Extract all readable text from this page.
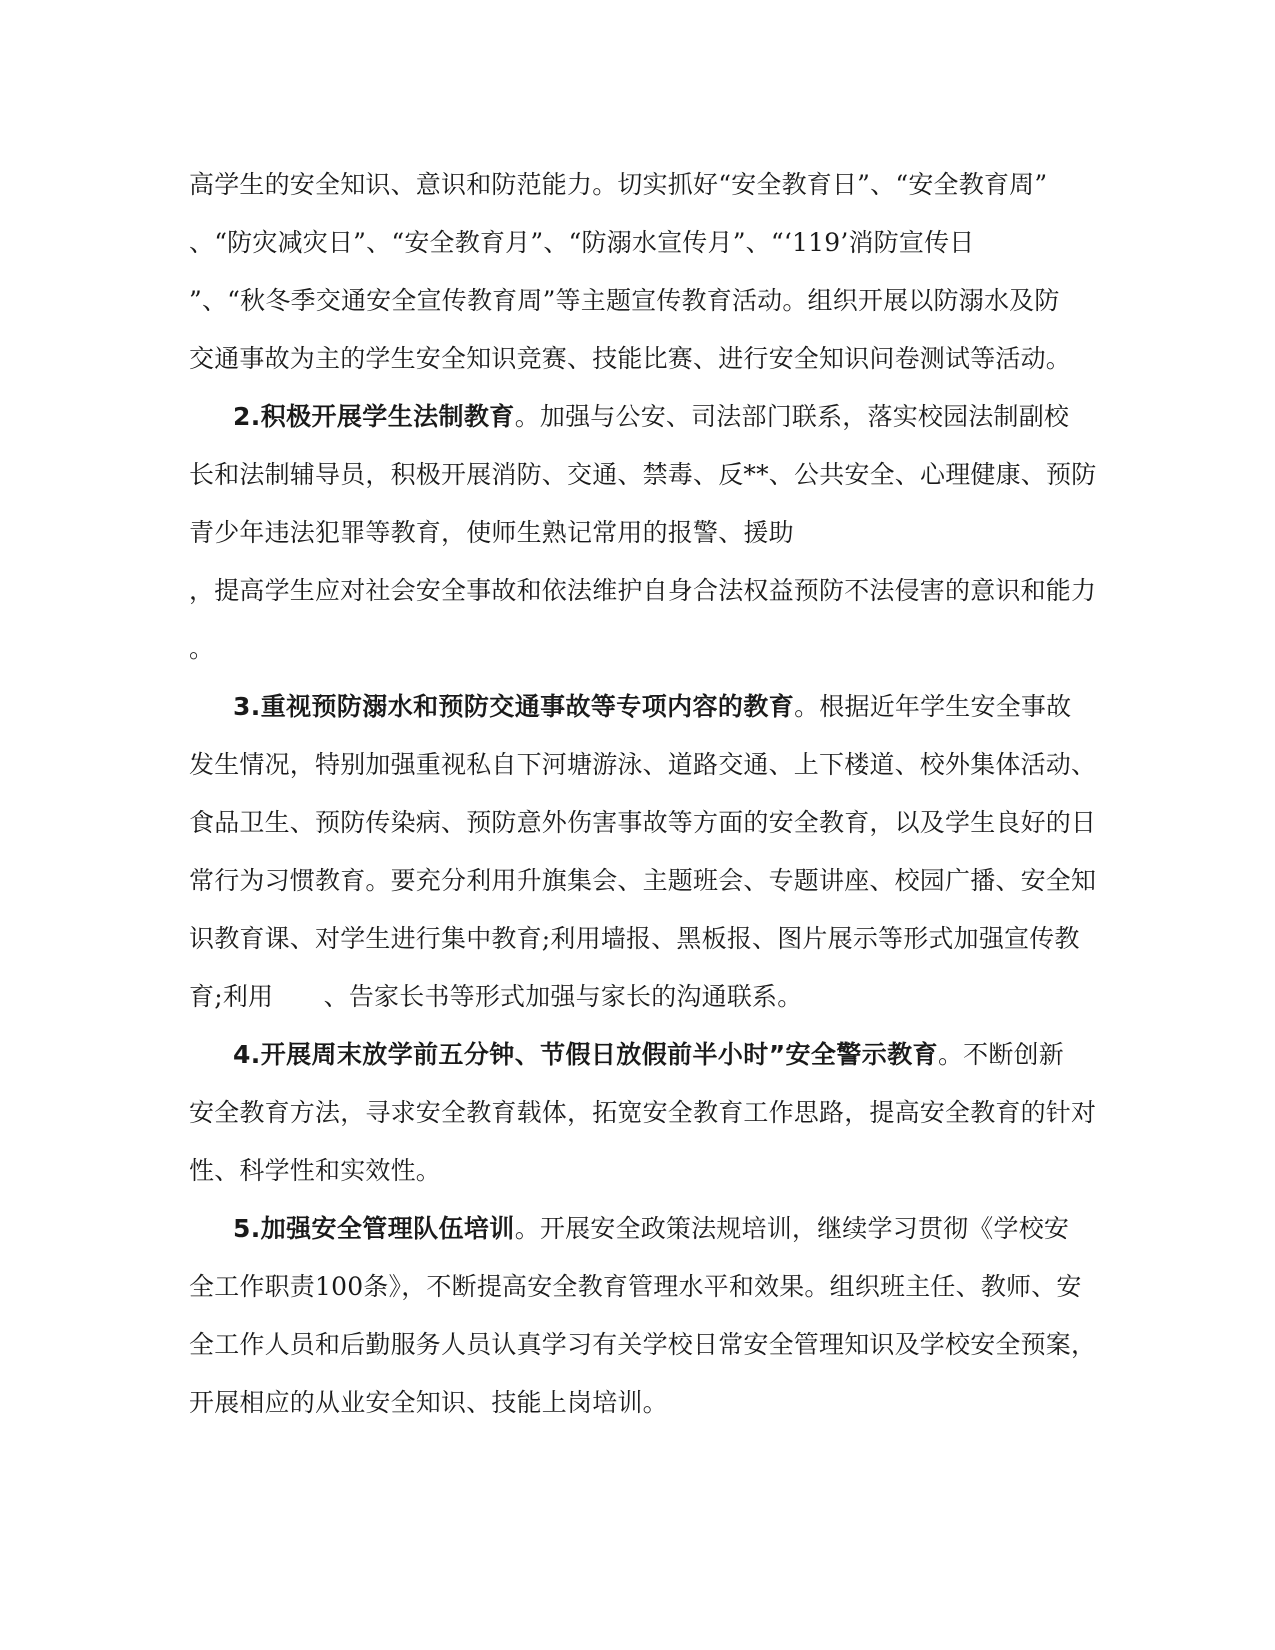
高学生的安全知识、意识和防范能力。切实抓好“安全教育日”、“安全教育周”
、“防灾减灾日”、“安全教育月”、“防溺水宣传月”、“‘119’消防宣传日
”、“秋冬季交通安全宣传教育周”等主题宣传教育活动。组织开展以防溺水及防
交通事故为主的学生安全知识竞赛、技能比赛、进行安全知识问卷测试等活动。
2.积极开展学生法制教育。加强与公安、司法部门联系，落实校园法制副校
长和法制辅导员，积极开展消防、交通、禁毒、反**、公共安全、心理健康、预防
青少年违法犯罪等教育，使师生熟记常用的报警、援助
，提高学生应对社会安全事故和依法维护自身合法权益预防不法侵害的意识和能力
。
3.重视预防溺水和预防交通事故等专项内容的教育。根据近年学生安全事故
发生情况，特别加强重视私自下河塘游泳、道路交通、上下楼道、校外集体活动、
食品卫生、预防传染病、预防意外伤害事故等方面的安全教育，以及学生良好的日
常行为习惯教育。要充分利用升旗集会、主题班会、专题讲座、校园广播、安全知
识教育课、对学生进行集中教育;利用墙报、黑板报、图片展示等形式加强宣传教
育;利用　　、告家长书等形式加强与家长的沟通联系。
4.开展周末放学前五分钟、节假日放假前半小时”安全警示教育。不断创新
安全教育方法，寻求安全教育载体，拓宽安全教育工作思路，提高安全教育的针对
性、科学性和实效性。
5.加强安全管理队伍培训。开展安全政策法规培训，继续学习贯彻《学校安
全工作职责100条》，不断提高安全教育管理水平和效果。组织班主任、教师、安
全工作人员和后勤服务人员认真学习有关学校日常安全管理知识及学校安全预案，
开展相应的从业安全知识、技能上岗培训。
